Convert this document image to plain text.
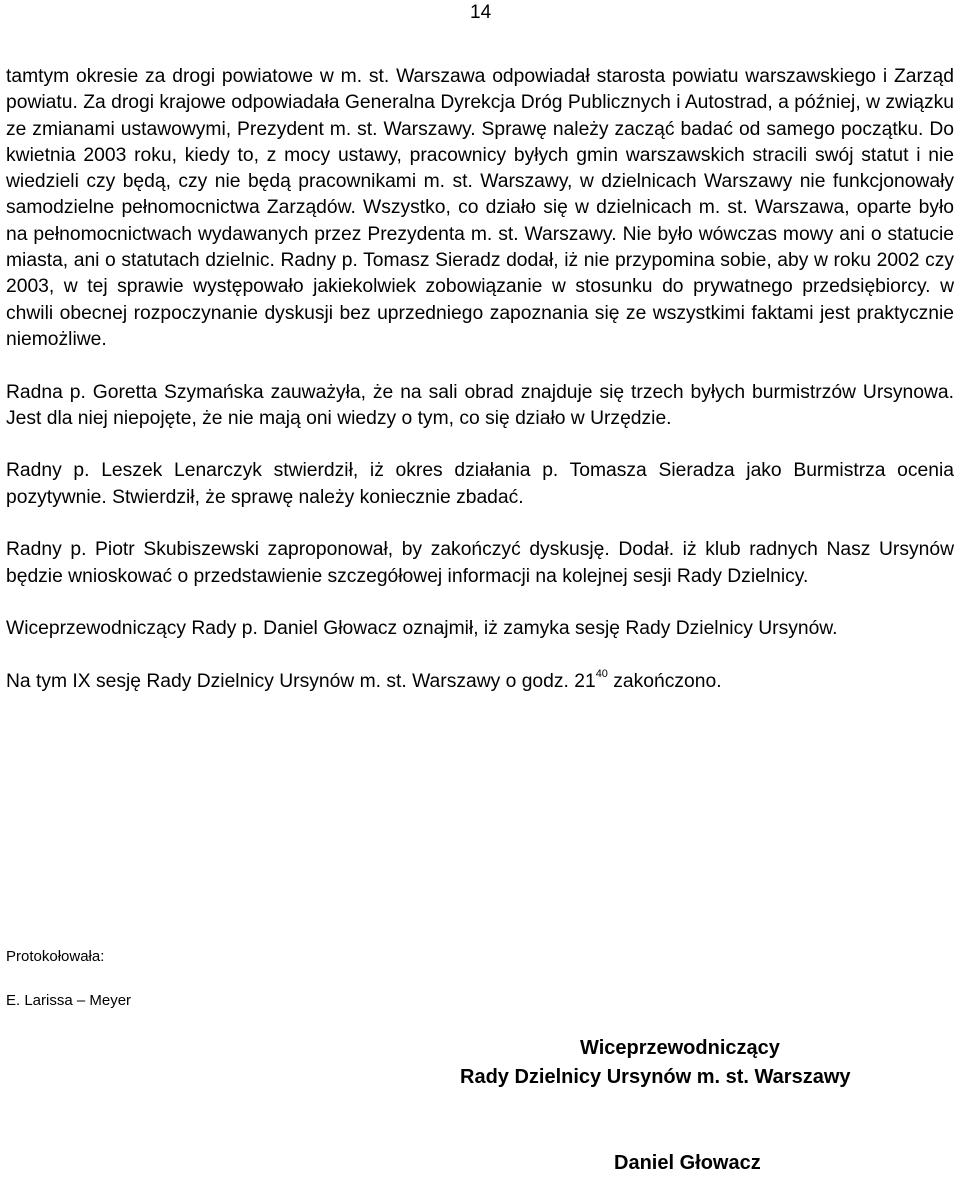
14

tamtym okresie za drogi powiatowe w m. st. Warszawa odpowiadał starosta powiatu warszawskiego i Zarząd powiatu. Za drogi krajowe odpowiadała Generalna Dyrekcja Dróg Publicznych i Autostrad, a później, w związku ze zmianami ustawowymi, Prezydent m. st. Warszawy. Sprawę należy zacząć badać od samego początku. Do kwietnia 2003 roku, kiedy to, z mocy ustawy, pracownicy byłych gmin warszawskich stracili swój statut i nie wiedzieli czy będą, czy nie będą pracownikami m. st. Warszawy, w dzielnicach Warszawy nie funkcjonowały samodzielne pełnomocnictwa Zarządów. Wszystko, co działo się w dzielnicach m. st. Warszawa, oparte było na pełnomocnictwach wydawanych przez Prezydenta m. st. Warszawy. Nie było wówczas mowy ani o statucie miasta, ani o statutach dzielnic. Radny p. Tomasz Sieradz dodał, iż nie przypomina sobie, aby w roku 2002 czy 2003, w tej sprawie występowało jakiekolwiek zobowiązanie w stosunku do prywatnego przedsiębiorcy. w chwili obecnej rozpoczynanie dyskusji bez uprzedniego zapoznania się ze wszystkimi faktami jest praktycznie niemożliwe.

Radna p. Goretta Szymańska zauważyła, że na sali obrad znajduje się trzech byłych burmistrzów Ursynowa. Jest dla niej niepojęte, że nie mają oni wiedzy o tym, co się działo w Urzędzie.

Radny p. Leszek Lenarczyk stwierdził, iż okres działania p. Tomasza Sieradza jako Burmistrza ocenia pozytywnie. Stwierdził, że sprawę należy koniecznie zbadać.

Radny p. Piotr Skubiszewski zaproponował, by zakończyć dyskusję. Dodał. iż klub radnych Nasz Ursynów będzie wnioskować o przedstawienie szczegółowej informacji na kolejnej sesji Rady Dzielnicy.

Wiceprzewodniczący Rady p. Daniel Głowacz oznajmił, iż zamyka sesję Rady Dzielnicy Ursynów.

Na tym IX sesję Rady Dzielnicy Ursynów m. st. Warszawy o godz. $21^{40}$ zakończono.

Protokołowała:
E. Larissa – Meyer
Wiceprzewodniczący
Rady Dzielnicy Ursynów m. st. Warszawy
Daniel Głowacz
